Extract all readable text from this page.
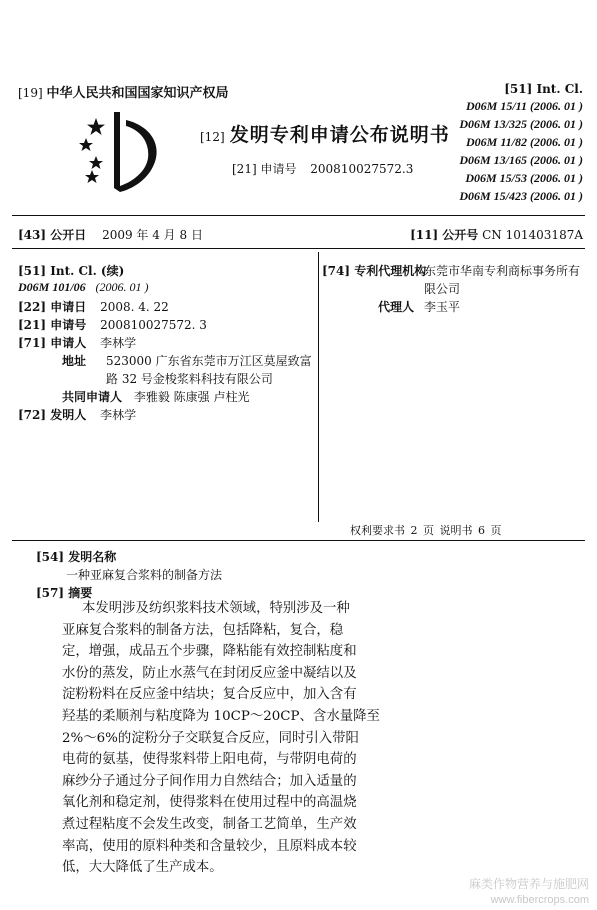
[19] 中华人民共和国国家知识产权局
[12] 发明专利申请公布说明书
[21] 申请号 200810027572.3
[51] Int. Cl.
D06M 15/11 (2006. 01 )
D06M 13/325 (2006. 01 )
D06M 11/82 (2006. 01 )
D06M 13/165 (2006. 01 )
D06M 15/53 (2006. 01 )
D06M 15/423 (2006. 01 )
[43] 公开日 2009 年 4 月 8 日	[11] 公开号 CN 101403187A
[51] Int. Cl. (续)
D06M 101/06 (2006. 01 )
[22] 申请日 2008. 4. 22
[21] 申请号 200810027572. 3
[71] 申请人 李林学
地址 523000 广东省东莞市万江区莫屋致富
路 32 号金梭浆料科技有限公司
共同申请人 李雅毅 陈康强 卢柱光
[72] 发明人 李林学
[74] 专利代理机构
东莞市华南专利商标事务所有
限公司
代理人 李玉平
权利要求书 2 页 说明书 6 页
[54] 发明名称
一种亚麻复合浆料的制备方法
[57] 摘要
本发明涉及纺织浆料技术领域，特别涉及一种
亚麻复合浆料的制备方法，包括降粘，复合，稳
定，增强，成品五个步骤，降粘能有效控制粘度和
水份的蒸发，防止水蒸气在封闭反应釜中凝结以及
淀粉粉料在反应釜中结块；复合反应中，加入含有
羟基的柔顺剂与粘度降为 10CP～20CP、含水量降至
2%～6%的淀粉分子交联复合反应，同时引入带阳
电荷的氨基，使得浆料带上阳电荷，与带阴电荷的
麻纱分子通过分子间作用力自然结合；加入适量的
氧化剂和稳定剂，使得浆料在使用过程中的高温烧
煮过程粘度不会发生改变，制备工艺简单，生产效
率高，使用的原料种类和含量较少，且原料成本较
低，大大降低了生产成本。
麻类作物营养与施肥网
www.fibercrops.com
